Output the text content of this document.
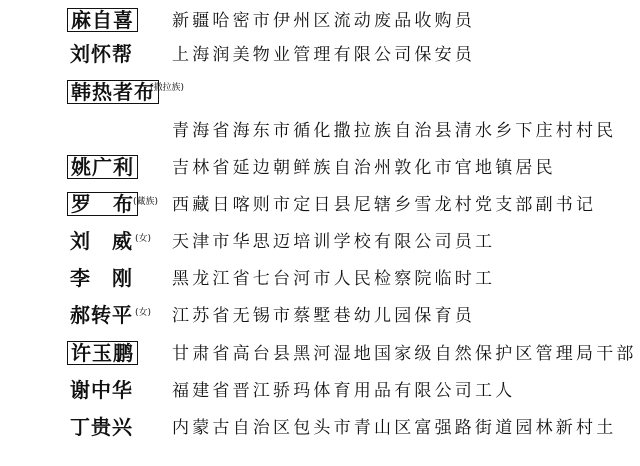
麻自喜 新疆哈密市伊州区流动废品收购员
刘怀帮 上海润美物业管理有限公司保安员
韩热者布
(撒拉族)
青海省海东市循化撒拉族自治县清水乡下庄村村民
姚广利 吉林省延边朝鲜族自治州敦化市官地镇居民
罗　布 (藏族) 西藏日喀则市定日县尼辖乡雪龙村党支部副书记
刘　威 (女) 天津市华思迈培训学校有限公司员工
李　刚 黑龙江省七台河市人民检察院临时工
郝转平 (女) 江苏省无锡市蔡墅巷幼儿园保育员
许玉鹏 甘肃省高台县黑河湿地国家级自然保护区管理局干部
谢中华 福建省晋江骄玛体育用品有限公司工人
丁贵兴 内蒙古自治区包头市青山区富强路街道园林新村土
